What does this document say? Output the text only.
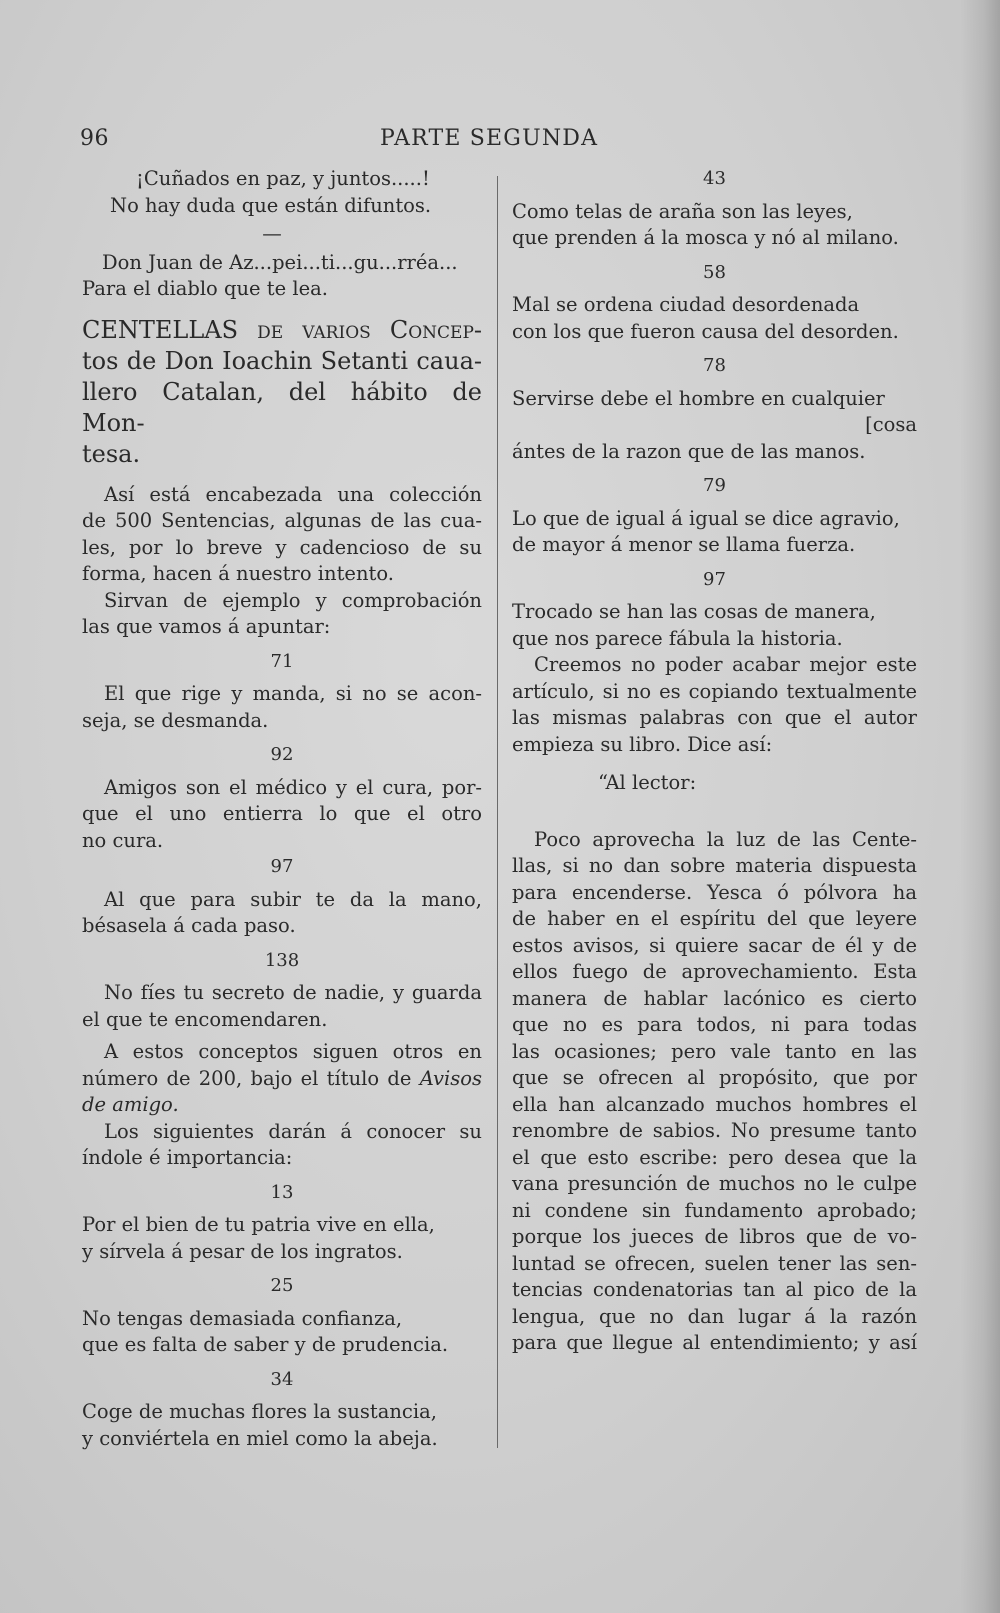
96	PARTE SEGUNDA

¡Cuñados en paz, y juntos.....!

No hay duda que están difuntos.

—

Don Juan de Az...pei...ti...gu...rréa...

Para el diablo que te lea.

CENTELLAS de varios Concep-

tos de Don Ioachin Setanti caua-

llero Catalan, del hábito de Mon-

tesa.

Así está encabezada una colección

de 500 Sentencias, algunas de las cua-

les, por lo breve y cadencioso de su

forma, hacen á nuestro intento.

Sirvan de ejemplo y comprobación

las que vamos á apuntar:

71

El que rige y manda, si no se acon-

seja, se desmanda.

92

Amigos son el médico y el cura, por-

que el uno entierra lo que el otro

no cura.

97

Al que para subir te da la mano,

bésasela á cada paso.

138

No fíes tu secreto de nadie, y guarda

el que te encomendaren.

A estos conceptos siguen otros en

número de 200, bajo el título de Avisos

de amigo.

Los siguientes darán á conocer su

índole é importancia:

13

Por el bien de tu patria vive en ella,

y sírvela á pesar de los ingratos.

25

No tengas demasiada confianza,

que es falta de saber y de prudencia.

34

Coge de muchas flores la sustancia,

y conviértela en miel como la abeja.

43

Como telas de araña son las leyes,

que prenden á la mosca y nó al milano.

58

Mal se ordena ciudad desordenada

con los que fueron causa del desorden.

78

Servirse debe el hombre en cualquier

[cosa

ántes de la razon que de las manos.

79

Lo que de igual á igual se dice agravio,

de mayor á menor se llama fuerza.

97

Trocado se han las cosas de manera,

que nos parece fábula la historia.

Creemos no poder acabar mejor este

artículo, si no es copiando textualmente

las mismas palabras con que el autor

empieza su libro. Dice así:

“Al lector:

Poco aprovecha la luz de las Cente-

llas, si no dan sobre materia dispuesta

para encenderse. Yesca ó pólvora ha

de haber en el espíritu del que leyere

estos avisos, si quiere sacar de él y de

ellos fuego de aprovechamiento. Esta

manera de hablar lacónico es cierto

que no es para todos, ni para todas

las ocasiones; pero vale tanto en las

que se ofrecen al propósito, que por

ella han alcanzado muchos hombres el

renombre de sabios. No presume tanto

el que esto escribe: pero desea que la

vana presunción de muchos no le culpe

ni condene sin fundamento aprobado;

porque los jueces de libros que de vo-

luntad se ofrecen, suelen tener las sen-

tencias condenatorias tan al pico de la

lengua, que no dan lugar á la razón

para que llegue al entendimiento; y así
